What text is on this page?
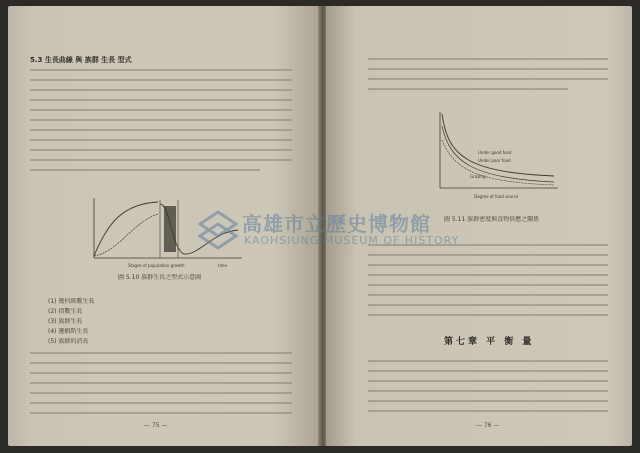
5.3 生長曲線 與 族群 生長 型式
Stages of population growth	time
圖 5.10 族群生長之型式示意圖
(1) 幾何級數生長
(2) 指數生長
(3) 族群生長
(4) 邏輯斯生長
(5) 族群的消長
— 75 —
Under good food
Under poor food
Grazing
Degree of food source
圖 5.11 族群密度與食物供應之關係
第七章 平 衡 量
— 76 —
高雄市立歷史博物館
KAOHSIUNG MUSEUM OF HISTORY
